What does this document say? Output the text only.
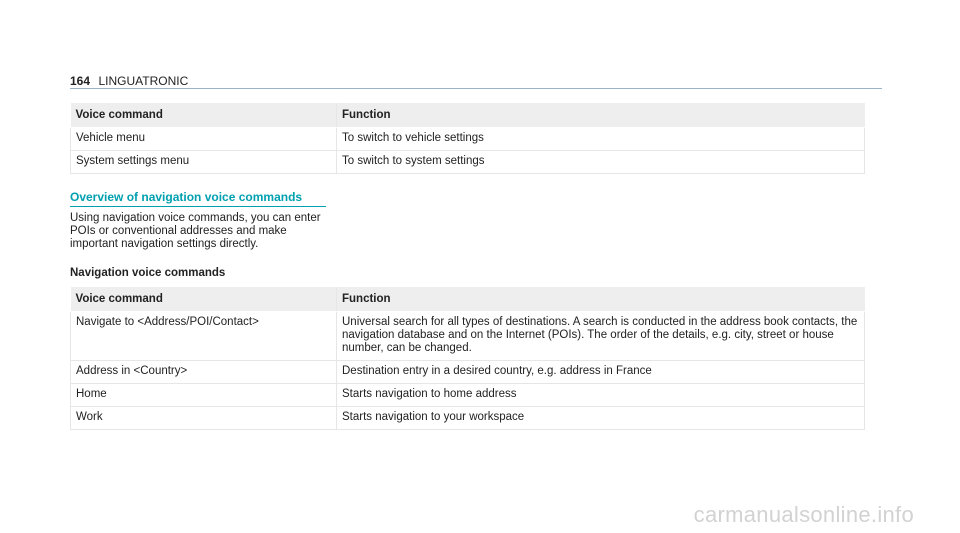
164 LINGUATRONIC
Voice command	Function
Vehicle menu	To switch to vehicle settings
System settings menu	To switch to system settings
Overview of navigation voice commands
Using navigation voice commands, you can enter POIs or conventional addresses and make important navigation settings directly.
Navigation voice commands
Voice command	Function
Navigate to <Address/POI/Contact>	Universal search for all types of destinations. A search is conducted in the address book contacts, the navigation database and on the Internet (POIs). The order of the details, e.g. city, street or house number, can be changed.
Address in <Country>	Destination entry in a desired country, e.g. address in France
Home	Starts navigation to home address
Work	Starts navigation to your workspace
carmanualsonline.info
